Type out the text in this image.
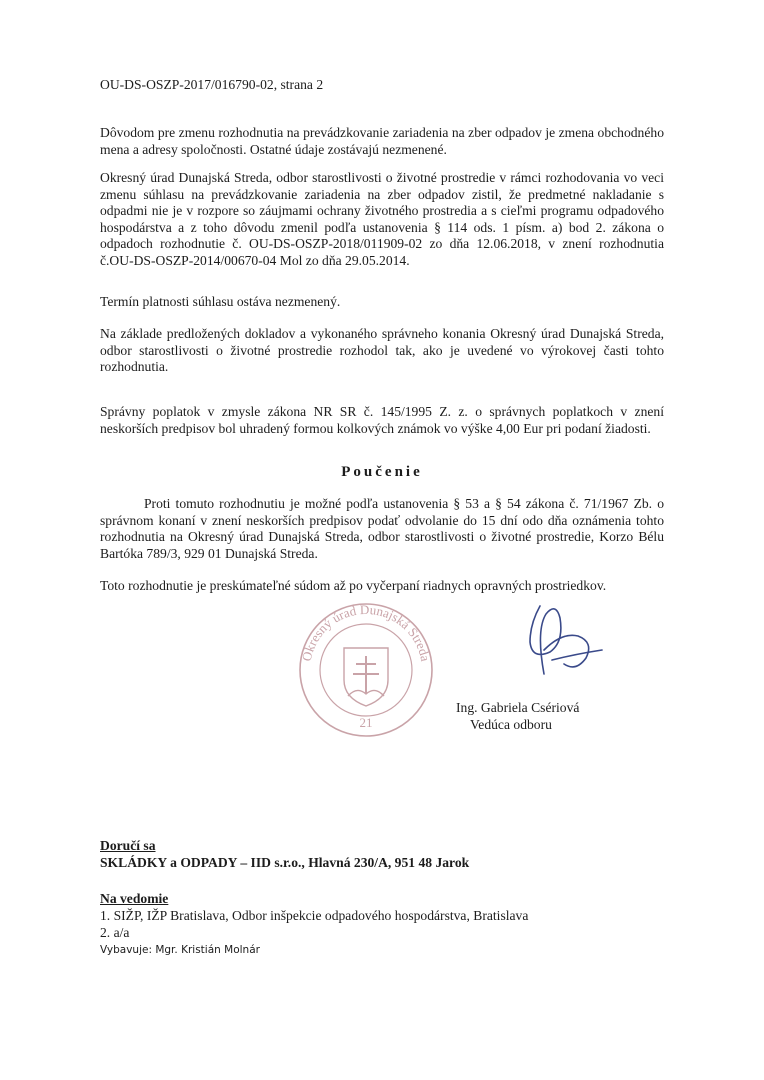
OU-DS-OSZP-2017/016790-02, strana 2

Dôvodom pre zmenu rozhodnutia na prevádzkovanie zariadenia na zber odpadov je zmena obchodného mena a adresy spoločnosti. Ostatné údaje zostávajú nezmenené.

Okresný úrad Dunajská Streda, odbor starostlivosti o životné prostredie v rámci rozhodovania vo veci zmenu súhlasu na prevádzkovanie zariadenia na zber odpadov zistil, že predmetné nakladanie s odpadmi nie je v rozpore so záujmami ochrany životného prostredia a s cieľmi programu odpadového hospodárstva a z toho dôvodu zmenil podľa ustanovenia § 114 ods. 1 písm. a) bod 2. zákona o odpadoch rozhodnutie č. OU-DS-OSZP-2018/011909-02 zo dňa 12.06.2018, v znení rozhodnutia č.OU-DS-OSZP-2014/00670-04 Mol zo dňa 29.05.2014.

Termín platnosti súhlasu ostáva nezmenený.

Na základe predložených dokladov a vykonaného správneho konania Okresný úrad Dunajská Streda, odbor starostlivosti o životné prostredie rozhodol tak, ako je uvedené vo výrokovej časti tohto rozhodnutia.

Správny poplatok v zmysle zákona NR SR č. 145/1995 Z. z. o správnych poplatkoch v znení neskorších predpisov bol uhradený formou kolkových známok vo výške 4,00 Eur pri podaní žiadosti.

Poučenie

Proti tomuto rozhodnutiu je možné podľa ustanovenia § 53 a § 54 zákona č. 71/1967 Zb. o správnom konaní v znení neskorších predpisov podať odvolanie do 15 dní odo dňa oznámenia tohto rozhodnutia na Okresný úrad Dunajská Streda, odbor starostlivosti o životné prostredie, Korzo Bélu Bartóka 789/3, 929 01 Dunajská Streda.

Toto rozhodnutie je preskúmateľné súdom až po vyčerpaní riadnych opravných prostriedkov.

Okresný úrad Dunajská Streda
21
Ing. Gabriela Csériová
Vedúca odboru
Doručí sa
SKLÁDKY a ODPADY – IID s.r.o., Hlavná 230/A, 951 48 Jarok
Na vedomie
1. SIŽP, IŽP Bratislava, Odbor inšpekcie odpadového hospodárstva, Bratislava
2. a/a
Vybavuje: Mgr. Kristián Molnár
